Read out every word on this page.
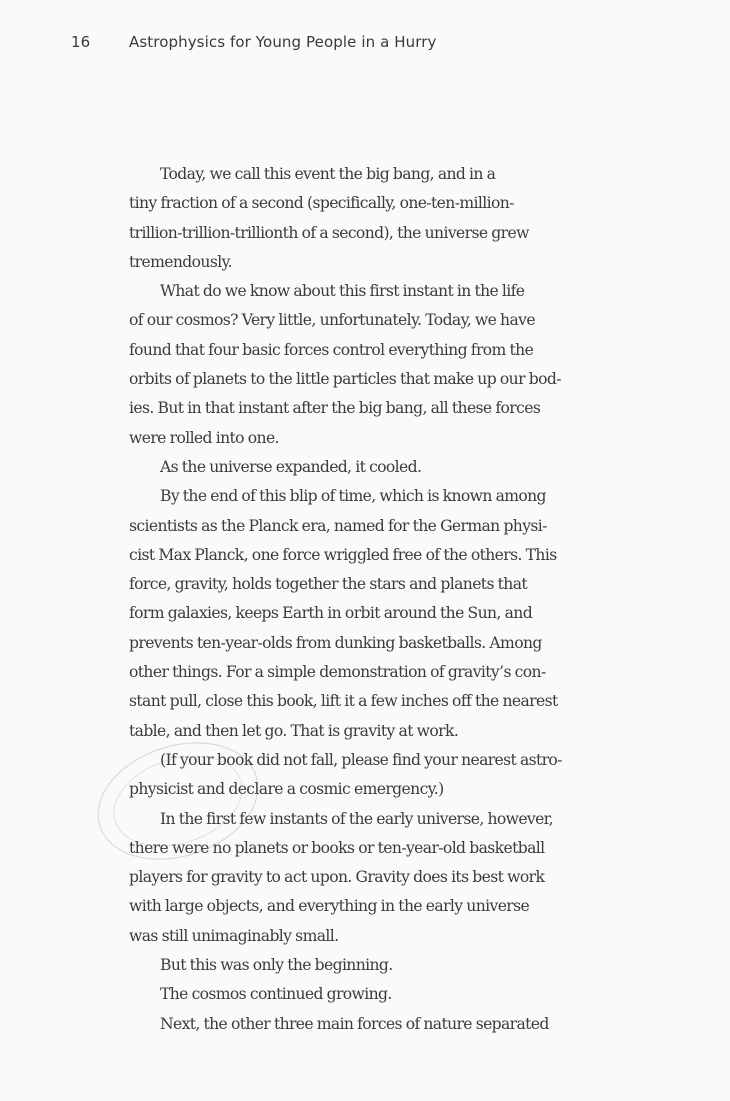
16	Astrophysics for Young People in a Hurry
Today, we call this event the big bang, and in a
tiny fraction of a second (specifically, one-ten-million-
trillion-trillion-trillionth of a second), the universe grew
tremendously.
What do we know about this first instant in the life
of our cosmos? Very little, unfortunately. Today, we have
found that four basic forces control everything from the
orbits of planets to the little particles that make up our bod-
ies. But in that instant after the big bang, all these forces
were rolled into one.
As the universe expanded, it cooled.
By the end of this blip of time, which is known among
scientists as the Planck era, named for the German physi-
cist Max Planck, one force wriggled free of the others. This
force, gravity, holds together the stars and planets that
form galaxies, keeps Earth in orbit around the Sun, and
prevents ten-year-olds from dunking basketballs. Among
other things. For a simple demonstration of gravity’s con-
stant pull, close this book, lift it a few inches off the nearest
table, and then let go. That is gravity at work.
(If your book did not fall, please find your nearest astro-
physicist and declare a cosmic emergency.)
In the first few instants of the early universe, however,
there were no planets or books or ten-year-old basketball
players for gravity to act upon. Gravity does its best work
with large objects, and everything in the early universe
was still unimaginably small.
But this was only the beginning.
The cosmos continued growing.
Next, the other three main forces of nature separated
